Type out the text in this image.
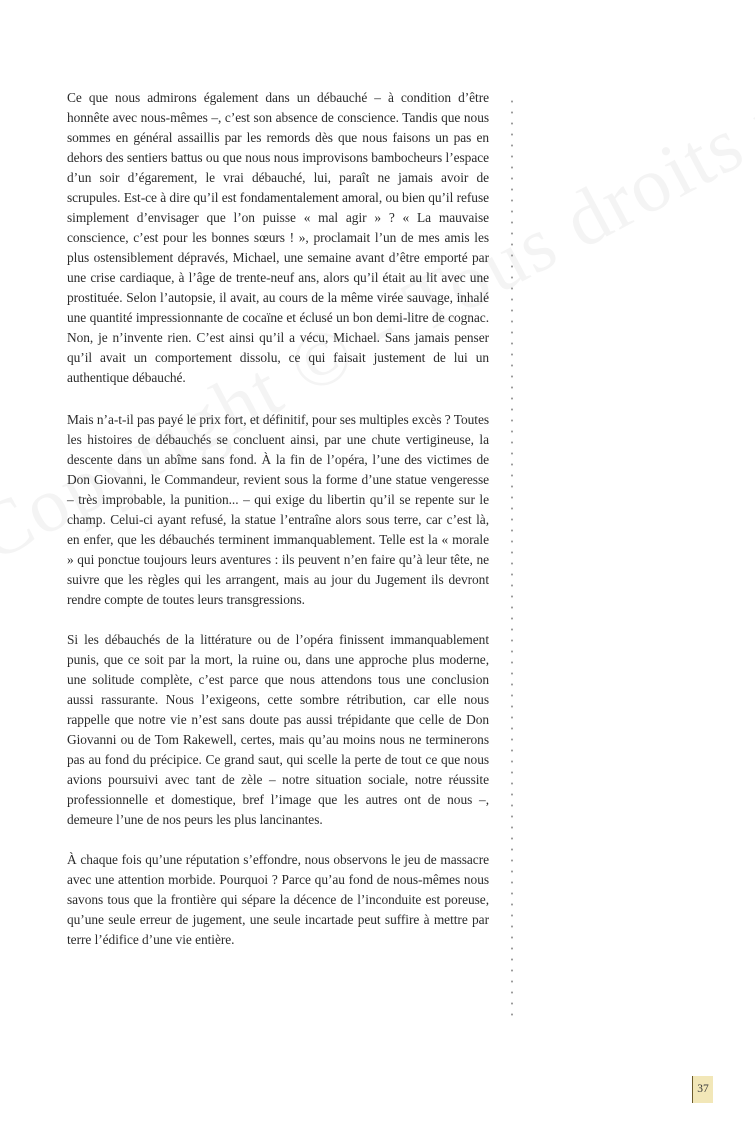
Ce que nous admirons également dans un débauché – à condition d’être honnête avec nous-mêmes –, c’est son absence de conscience. Tandis que nous sommes en général assaillis par les remords dès que nous faisons un pas en dehors des sentiers battus ou que nous nous improvisons bambocheurs l’espace d’un soir d’égarement, le vrai débauché, lui, paraît ne jamais avoir de scrupules. Est-ce à dire qu’il est fondamentalement amoral, ou bien qu’il refuse simplement d’envisager que l’on puisse « mal agir » ? « La mauvaise conscience, c’est pour les bonnes sœurs ! », proclamait l’un de mes amis les plus ostensiblement dépravés, Michael, une semaine avant d’être emporté par une crise cardiaque, à l’âge de trente-neuf ans, alors qu’il était au lit avec une prostituée. Selon l’autopsie, il avait, au cours de la même virée sauvage, inhalé une quantité impressionnante de cocaïne et éclusé un bon demi-litre de cognac. Non, je n’invente rien. C’est ainsi qu’il a vécu, Michael. Sans jamais penser qu’il avait un comportement dissolu, ce qui faisait justement de lui un authentique débauché.

Mais n’a-t-il pas payé le prix fort, et définitif, pour ses multiples excès ? Toutes les histoires de débauchés se concluent ainsi, par une chute vertigineuse, la descente dans un abîme sans fond. À la fin de l’opéra, l’une des victimes de Don Giovanni, le Commandeur, revient sous la forme d’une statue vengeresse – très improbable, la punition... – qui exige du libertin qu’il se repente sur le champ. Celui-ci ayant refusé, la statue l’entraîne alors sous terre, car c’est là, en enfer, que les débauchés terminent immanquablement. Telle est la « morale » qui ponctue toujours leurs aventures : ils peuvent n’en faire qu’à leur tête, ne suivre que les règles qui les arrangent, mais au jour du Jugement ils devront rendre compte de toutes leurs transgressions.

Si les débauchés de la littérature ou de l’opéra finissent immanquablement punis, que ce soit par la mort, la ruine ou, dans une approche plus moderne, une solitude complète, c’est parce que nous attendons tous une conclusion aussi rassurante. Nous l’exigeons, cette sombre rétribution, car elle nous rappelle que notre vie n’est sans doute pas aussi trépidante que celle de Don Giovanni ou de Tom Rakewell, certes, mais qu’au moins nous ne terminerons pas au fond du précipice. Ce grand saut, qui scelle la perte de tout ce que nous avions poursuivi avec tant de zèle – notre situation sociale, notre réussite professionnelle et domestique, bref l’image que les autres ont de nous –, demeure l’une de nos peurs les plus lancinantes.

À chaque fois qu’une réputation s’effondre, nous observons le jeu de massacre avec une attention morbide. Pourquoi ? Parce qu’au fond de nous-mêmes nous savons tous que la frontière qui sépare la décence de l’inconduite est poreuse, qu’une seule erreur de jugement, une seule incartade peut suffire à mettre par terre l’édifice d’une vie entière.

37
